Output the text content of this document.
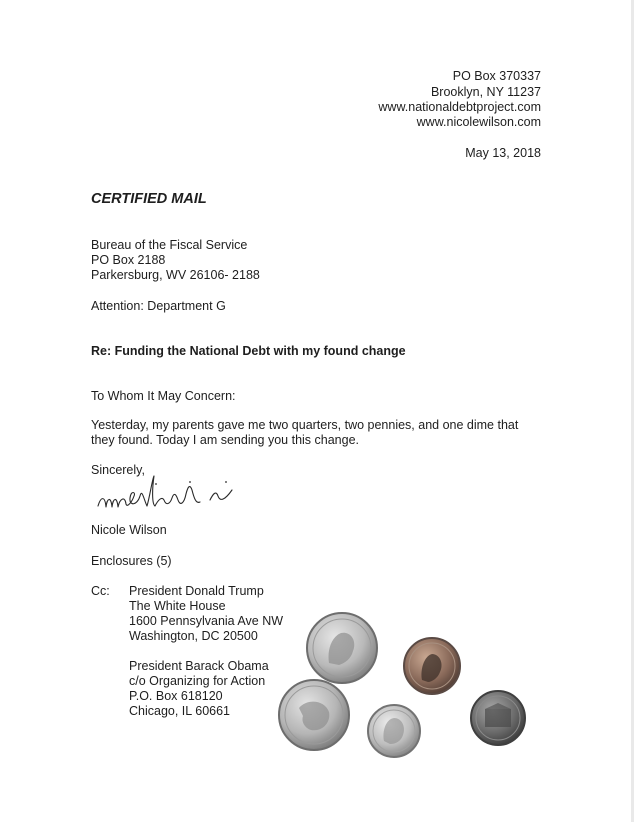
PO Box 370337
Brooklyn, NY 11237
www.nationaldebtproject.com
www.nicolewilson.com
May 13, 2018
CERTIFIED MAIL
Bureau of the Fiscal Service
PO Box 2188
Parkersburg, WV 26106- 2188
Attention: Department G
Re: Funding the National Debt with my found change
To Whom It May Concern:
Yesterday, my parents gave me two quarters, two pennies, and one dime that
they found. Today I am sending you this change.
Sincerely,
Nicole Wilson
Enclosures (5)
Cc: President Donald Trump
The White House
1600 Pennsylvania Ave NW
Washington, DC 20500
President Barack Obama
c/o Organizing for Action
P.O. Box 618120
Chicago, IL 60661
